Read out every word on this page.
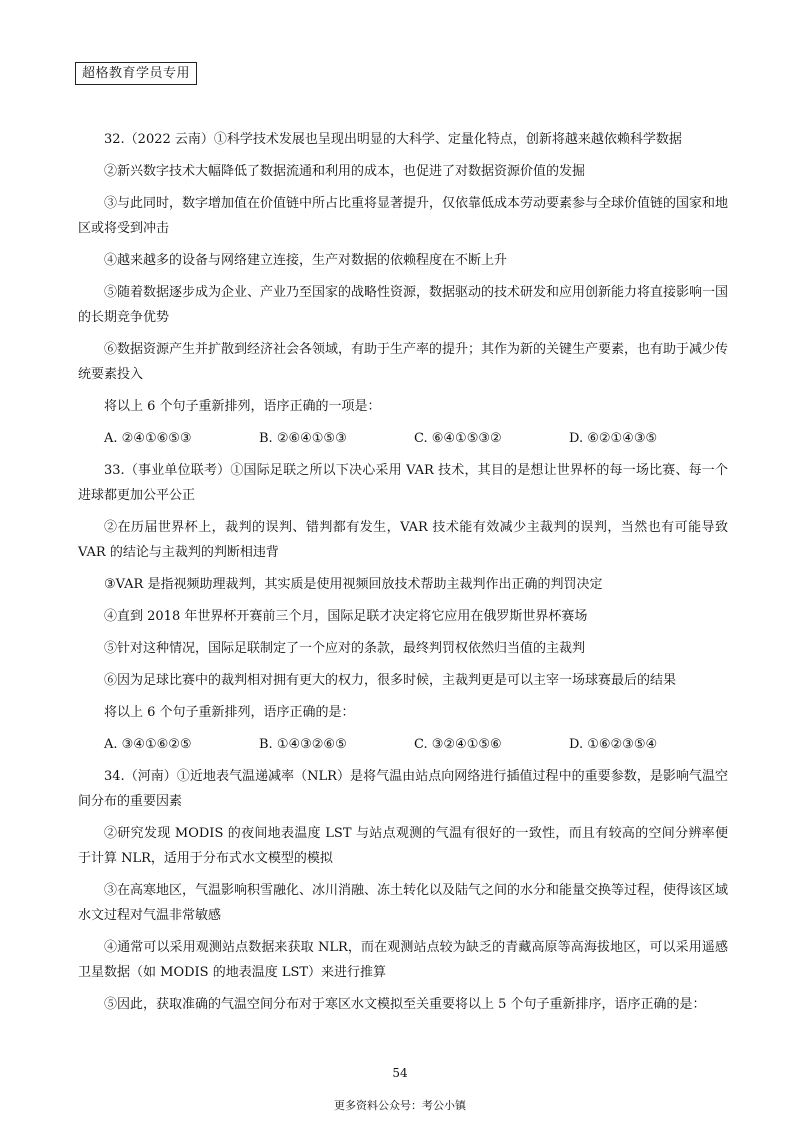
超格教育学员专用

32.（2022 云南）①科学技术发展也呈现出明显的大科学、定量化特点，创新将越来越依赖科学数据

②新兴数字技术大幅降低了数据流通和利用的成本，也促进了对数据资源价值的发掘

③与此同时，数字增加值在价值链中所占比重将显著提升，仅依靠低成本劳动要素参与全球价值链的国家和地区或将受到冲击

④越来越多的设备与网络建立连接，生产对数据的依赖程度在不断上升

⑤随着数据逐步成为企业、产业乃至国家的战略性资源，数据驱动的技术研发和应用创新能力将直接影响一国的长期竞争优势

⑥数据资源产生并扩散到经济社会各领域，有助于生产率的提升；其作为新的关键生产要素，也有助于减少传统要素投入

将以上 6 个句子重新排列，语序正确的一项是：

A. ②④①⑥⑤③	B. ②⑥④①⑤③	C. ⑥④①⑤③②	D. ⑥②①④③⑤

33.（事业单位联考）①国际足联之所以下决心采用 VAR 技术，其目的是想让世界杯的每一场比赛、每一个进球都更加公平公正

②在历届世界杯上，裁判的误判、错判都有发生，VAR 技术能有效减少主裁判的误判，当然也有可能导致 VAR 的结论与主裁判的判断相违背

③VAR 是指视频助理裁判，其实质是使用视频回放技术帮助主裁判作出正确的判罚决定

④直到 2018 年世界杯开赛前三个月，国际足联才决定将它应用在俄罗斯世界杯赛场

⑤针对这种情况，国际足联制定了一个应对的条款，最终判罚权依然归当值的主裁判

⑥因为足球比赛中的裁判相对拥有更大的权力，很多时候，主裁判更是可以主宰一场球赛最后的结果

将以上 6 个句子重新排列，语序正确的是：

A. ③④①⑥②⑤	B. ①④③②⑥⑤	C. ③②④①⑤⑥	D. ①⑥②③⑤④

34.（河南）①近地表气温递减率（NLR）是将气温由站点向网络进行插值过程中的重要参数，是影响气温空间分布的重要因素

②研究发现 MODIS 的夜间地表温度 LST 与站点观测的气温有很好的一致性，而且有较高的空间分辨率便于计算 NLR，适用于分布式水文模型的模拟

③在高寒地区，气温影响积雪融化、冰川消融、冻土转化以及陆气之间的水分和能量交换等过程，使得该区域水文过程对气温非常敏感

④通常可以采用观测站点数据来获取 NLR，而在观测站点较为缺乏的青藏高原等高海拔地区，可以采用遥感卫星数据（如 MODIS 的地表温度 LST）来进行推算

⑤因此，获取准确的气温空间分布对于寒区水文模拟至关重要将以上 5 个句子重新排序，语序正确的是：

54
更多资料公众号：考公小镇
